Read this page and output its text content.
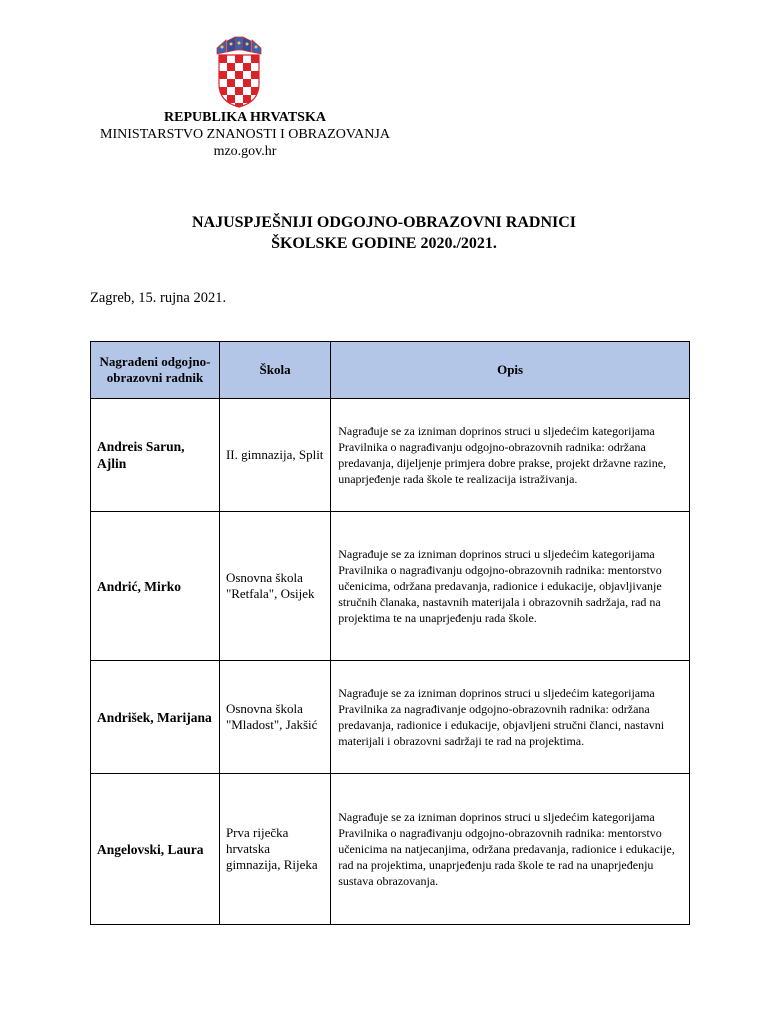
REPUBLIKA HRVATSKA
MINISTARSTVO ZNANOSTI I OBRAZOVANJA
mzo.gov.hr
NAJUSPJEŠNIJI ODGOJNO-OBRAZOVNI RADNICI
ŠKOLSKE GODINE 2020./2021.
Zagreb, 15. rujna 2021.
Nagrađeni odgojno-obrazovni radnik	Škola	Opis
Andreis Sarun, Ajlin	II. gimnazija, Split	Nagrađuje se za izniman doprinos struci u sljedećim kategorijama Pravilnika o nagrađivanju odgojno-obrazovnih radnika: održana predavanja, dijeljenje primjera dobre prakse, projekt državne razine, unaprjeđenje rada škole te realizacija istraživanja.
Andrić, Mirko	Osnovna škola "Retfala", Osijek	Nagrađuje se za izniman doprinos struci u sljedećim kategorijama Pravilnika o nagrađivanju odgojno-obrazovnih radnika: mentorstvo učenicima, održana predavanja, radionice i edukacije, objavljivanje stručnih članaka, nastavnih materijala i obrazovnih sadržaja, rad na projektima te na unaprjeđenju rada škole.
Andrišek, Marijana	Osnovna škola "Mladost", Jakšić	Nagrađuje se za izniman doprinos struci u sljedećim kategorijama Pravilnika za nagrađivanje odgojno-obrazovnih radnika: održana predavanja, radionice i edukacije, objavljeni stručni članci, nastavni materijali i obrazovni sadržaji te rad na projektima.
Angelovski, Laura	Prva riječka hrvatska gimnazija, Rijeka	Nagrađuje se za izniman doprinos struci u sljedećim kategorijama Pravilnika o nagrađivanju odgojno-obrazovnih radnika: mentorstvo učenicima na natjecanjima, održana predavanja, radionice i edukacije, rad na projektima, unaprjeđenju rada škole te rad na unaprjeđenju sustava obrazovanja.
